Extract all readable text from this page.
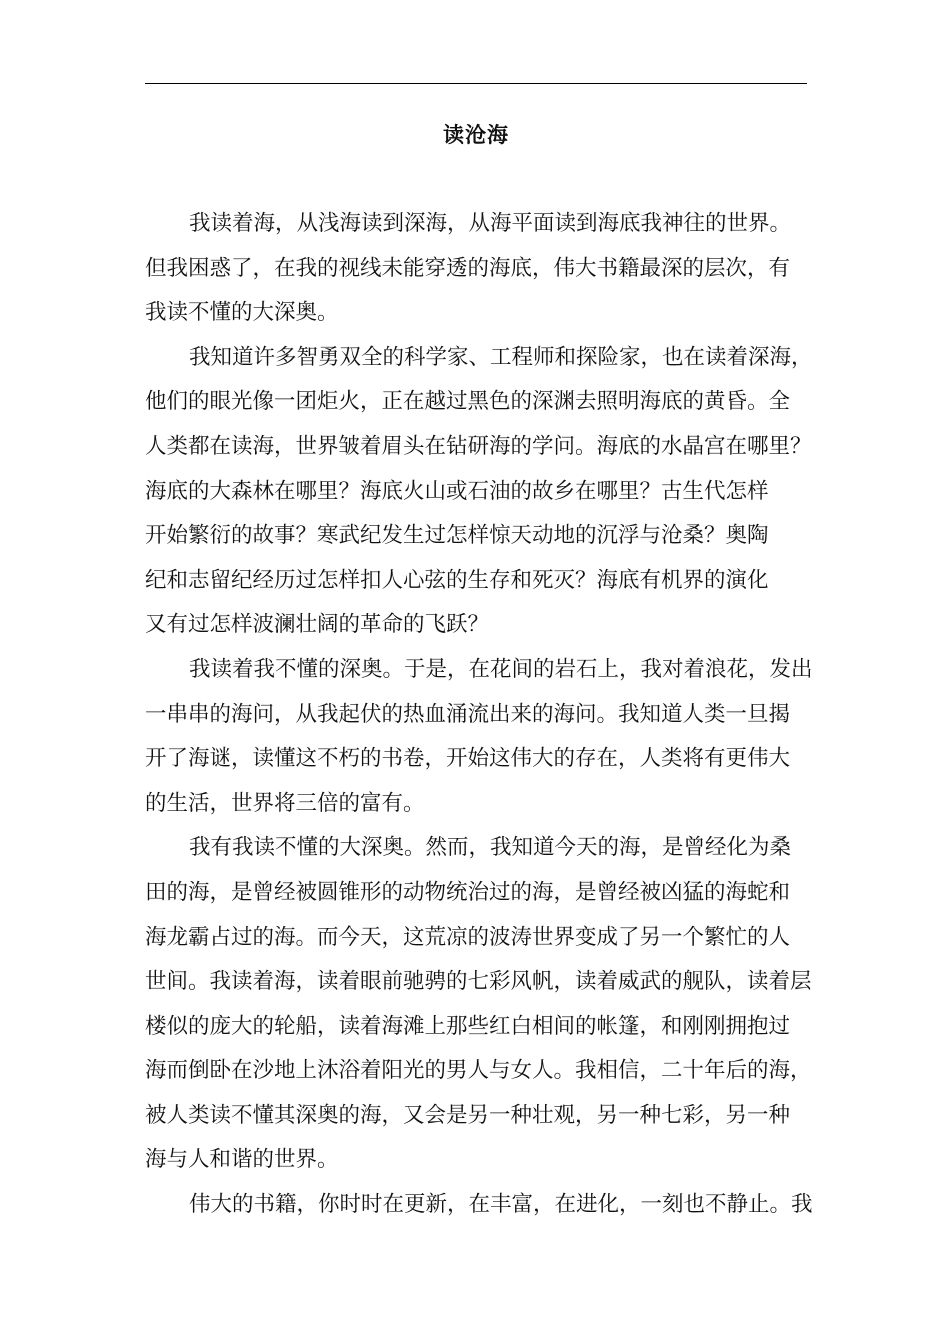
读沧海
我读着海，从浅海读到深海，从海平面读到海底我神往的世界。
但我困惑了，在我的视线未能穿透的海底，伟大书籍最深的层次，有
我读不懂的大深奥。
我知道许多智勇双全的科学家、工程师和探险家，也在读着深海，
他们的眼光像一团炬火，正在越过黑色的深渊去照明海底的黄昏。全
人类都在读海，世界皱着眉头在钻研海的学问。海底的水晶宫在哪里？
海底的大森林在哪里？海底火山或石油的故乡在哪里？古生代怎样
开始繁衍的故事？寒武纪发生过怎样惊天动地的沉浮与沧桑？奥陶
纪和志留纪经历过怎样扣人心弦的生存和死灭？海底有机界的演化
又有过怎样波澜壮阔的革命的飞跃？
我读着我不懂的深奥。于是，在花间的岩石上，我对着浪花，发出
一串串的海问，从我起伏的热血涌流出来的海问。我知道人类一旦揭
开了海谜，读懂这不朽的书卷，开始这伟大的存在，人类将有更伟大
的生活，世界将三倍的富有。
我有我读不懂的大深奥。然而，我知道今天的海，是曾经化为桑
田的海，是曾经被圆锥形的动物统治过的海，是曾经被凶猛的海蛇和
海龙霸占过的海。而今天，这荒凉的波涛世界变成了另一个繁忙的人
世间。我读着海，读着眼前驰骋的七彩风帆，读着威武的舰队，读着层
楼似的庞大的轮船，读着海滩上那些红白相间的帐篷，和刚刚拥抱过
海而倒卧在沙地上沐浴着阳光的男人与女人。我相信，二十年后的海，
被人类读不懂其深奥的海，又会是另一种壮观，另一种七彩，另一种
海与人和谐的世界。
伟大的书籍，你时时在更新，在丰富，在进化，一刻也不静止。我
